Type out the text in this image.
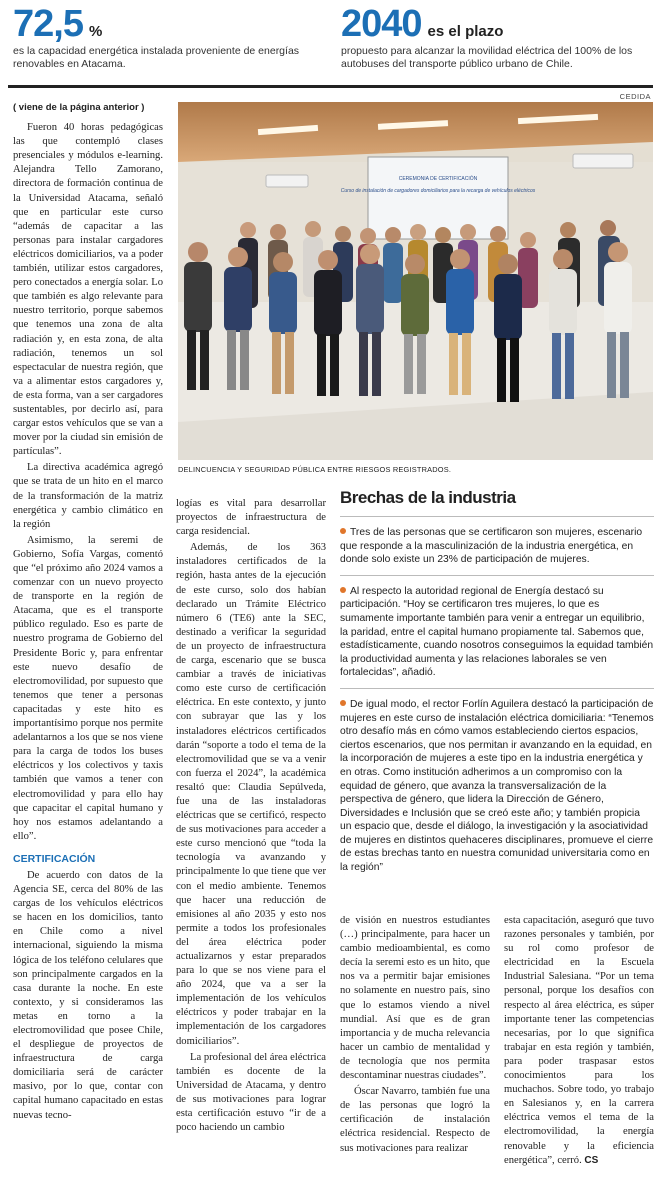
72,5 %
es la capacidad energética instalada proveniente de energías renovables en Atacama.
2040 es el plazo
propuesto para alcanzar la movilidad eléctrica del 100% de los autobuses del transporte público urbano de Chile.
CEDIDA

( viene de la página anterior )

Fueron 40 horas pedagógicas las que contempló clases presenciales y módulos e-learning. Alejandra Tello Zamorano, directora de formación continua de la Universidad Atacama, señaló que en particular este curso “además de capacitar a las personas para instalar cargadores eléctricos domiciliarios, va a poder también, utilizar estos cargadores, pero conectados a energía solar. Lo que también es algo relevante para nuestro territorio, porque sabemos que tenemos una zona de alta radiación y, en esta zona, de alta radiación, tenemos un sol espectacular de nuestra región, que va a alimentar estos cargadores y, de esta forma, van a ser cargadores sustentables, por decirlo así, para cargar estos vehículos que se van a mover por la ciudad sin emisión de partículas”.

La directiva académica agregó que se trata de un hito en el marco de la transformación de la matriz energética y cambio climático en la región

Asimismo, la seremi de Gobierno, Sofía Vargas, comentó que “el próximo año 2024 vamos a comenzar con un nuevo proyecto de transporte en la región de Atacama, que es el transporte público regulado. Eso es parte de nuestro programa de Gobierno del Presidente Boric y, para enfrentar este nuevo desafío de electromovilidad, por supuesto que tenemos que tener a personas capacitadas y este hito es importantísimo porque nos permite adelantarnos a los que se nos viene para la carga de todos los buses eléctricos y los colectivos y taxis también que vamos a tener con electromovilidad y para ello hay que capacitar el capital humano y hoy nos estamos adelantando a ello”.

CERTIFICACIÓN

De acuerdo con datos de la Agencia SE, cerca del 80% de las cargas de los vehículos eléctricos se hacen en los domicilios, tanto en Chile como a nivel internacional, siguiendo la misma lógica de los teléfono celulares que son principalmente cargados en la casa durante la noche. En este contexto, y si consideramos las metas en torno a la electromovilidad que posee Chile, el despliegue de proyectos de infraestructura de carga domiciliaria será de carácter masivo, por lo que, contar con capital humano capacitado en estas nuevas tecno-

CEREMONIA DE CERTIFICACIÓN
Curso de instalación de cargadores domiciliarios para la recarga de vehículos eléctricos
DELINCUENCIA Y SEGURIDAD PÚBLICA ENTRE RIESGOS REGISTRADOS.

logías es vital para desarrollar proyectos de infraestructura de carga residencial.

Además, de los 363 instaladores certificados de la región, hasta antes de la ejecución de este curso, solo dos habían declarado un Trámite Eléctrico número 6 (TE6) ante la SEC, destinado a verificar la seguridad de un proyecto de infraestructura de carga, escenario que se busca cambiar a través de iniciativas como este curso de certificación eléctrica. En este contexto, y junto con subrayar que las y los instaladores eléctricos certificados darán “soporte a todo el tema de la electromovilidad que se va a venir con fuerza el 2024”, la académica resaltó que: Claudia Sepúlveda, fue una de las instaladoras eléctricas que se certificó, respecto de sus motivaciones para acceder a este curso mencionó que “toda la tecnología va avanzando y principalmente lo que tiene que ver con el medio ambiente. Tenemos que hacer una reducción de emisiones al año 2035 y esto nos permite a todos los profesionales del área eléctrica poder actualizarnos y estar preparados para lo que se nos viene para el año 2024, que va a ser la implementación de los vehículos eléctricos y poder trabajar en la implementación de los cargadores domiciliarios”.

La profesional del área eléctrica también es docente de la Universidad de Atacama, y dentro de sus motivaciones para lograr esta certificación estuvo “ir de a poco haciendo un cambio

Brechas de la industria
Tres de las personas que se certificaron son mujeres, escenario que responde a la masculinización de la industria energética, en donde solo existe un 23% de participación de mujeres.
Al respecto la autoridad regional de Energía destacó su participación. “Hoy se certificaron tres mujeres, lo que es sumamente importante también para venir a entregar un equilibrio, la paridad, entre el capital humano propiamente tal. Sabemos que, estadísticamente, cuando nosotros conseguimos la equidad también la productividad aumenta y las relaciones laborales se ven fortalecidas”, añadió.
De igual modo, el rector Forlín Aguilera destacó la participación de mujeres en este curso de instalación eléctrica domiciliaria: “Tenemos otro desafío más en cómo vamos estableciendo ciertos espacios, ciertos escenarios, que nos permitan ir avanzando en la equidad, en la incorporación de mujeres a este tipo en la industria energética y en otras. Como institución adherimos a un compromiso con la equidad de género, que avanza la transversalización de la perspectiva de género, que lidera la Dirección de Género, Diversidades e Inclusión que se creó este año; y también propicia un espacio que, desde el diálogo, la investigación y la asociatividad de mujeres en distintos quehaceres disciplinares, promueve el cierre de estas brechas tanto en nuestra comunidad universitaria como en la región”

de visión en nuestros estudiantes (…) principalmente, para hacer un cambio medioambiental, es como decía la seremi esto es un hito, que nos va a permitir bajar emisiones no solamente en nuestro país, sino que lo estamos viendo a nivel mundial. Así que es de gran importancia y de mucha relevancia hacer un cambio de mentalidad y de tecnología que nos permita descontaminar nuestras ciudades”.

Óscar Navarro, también fue una de las personas que logró la certificación de instalación eléctrica residencial. Respecto de sus motivaciones para realizar

esta capacitación, aseguró que tuvo razones personales y también, por su rol como profesor de electricidad en la Escuela Industrial Salesiana. “Por un tema personal, porque los desafíos con respecto al área eléctrica, es súper importante tener las competencias necesarias, por lo que significa trabajar en esta región y también, para poder traspasar estos conocimientos para los muchachos. Sobre todo, yo trabajo en Salesianos y, en la carrera eléctrica vemos el tema de la electromovilidad, la energía renovable y la eficiencia energética”, cerró. CS
